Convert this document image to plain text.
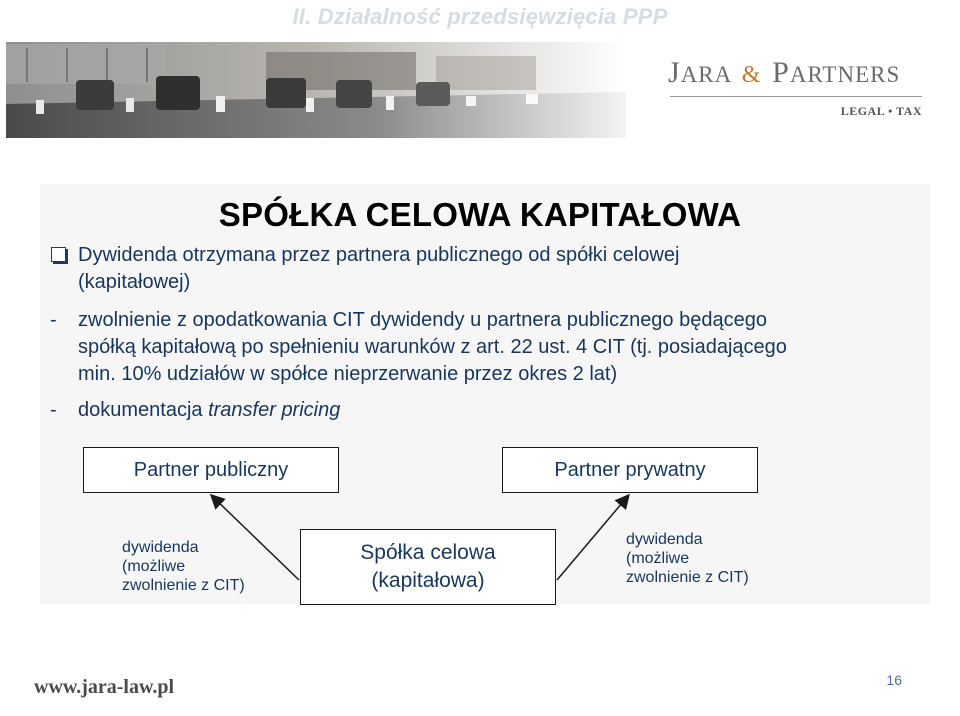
II. Działalność przedsięwzięcia PPP
JARA & PARTNERS
LEGAL • TAX
SPÓŁKA CELOWA KAPITAŁOWA
Dywidenda otrzymana przez partnera publicznego od spółki celowej
(kapitałowej)
-	zwolnienie z opodatkowania CIT dywidendy u partnera publicznego będącego
spółką kapitałową po spełnieniu warunków z art. 22 ust. 4 CIT (tj. posiadającego
min. 10% udziałów w spółce nieprzerwanie przez okres 2 lat)
-	dokumentacja transfer pricing
Partner publiczny	Partner prywatny
Spółka celowa
(kapitałowa)
dywidenda
(możliwe
zwolnienie z CIT)
dywidenda
(możliwe
zwolnienie z CIT)
www.jara-law.pl	16
